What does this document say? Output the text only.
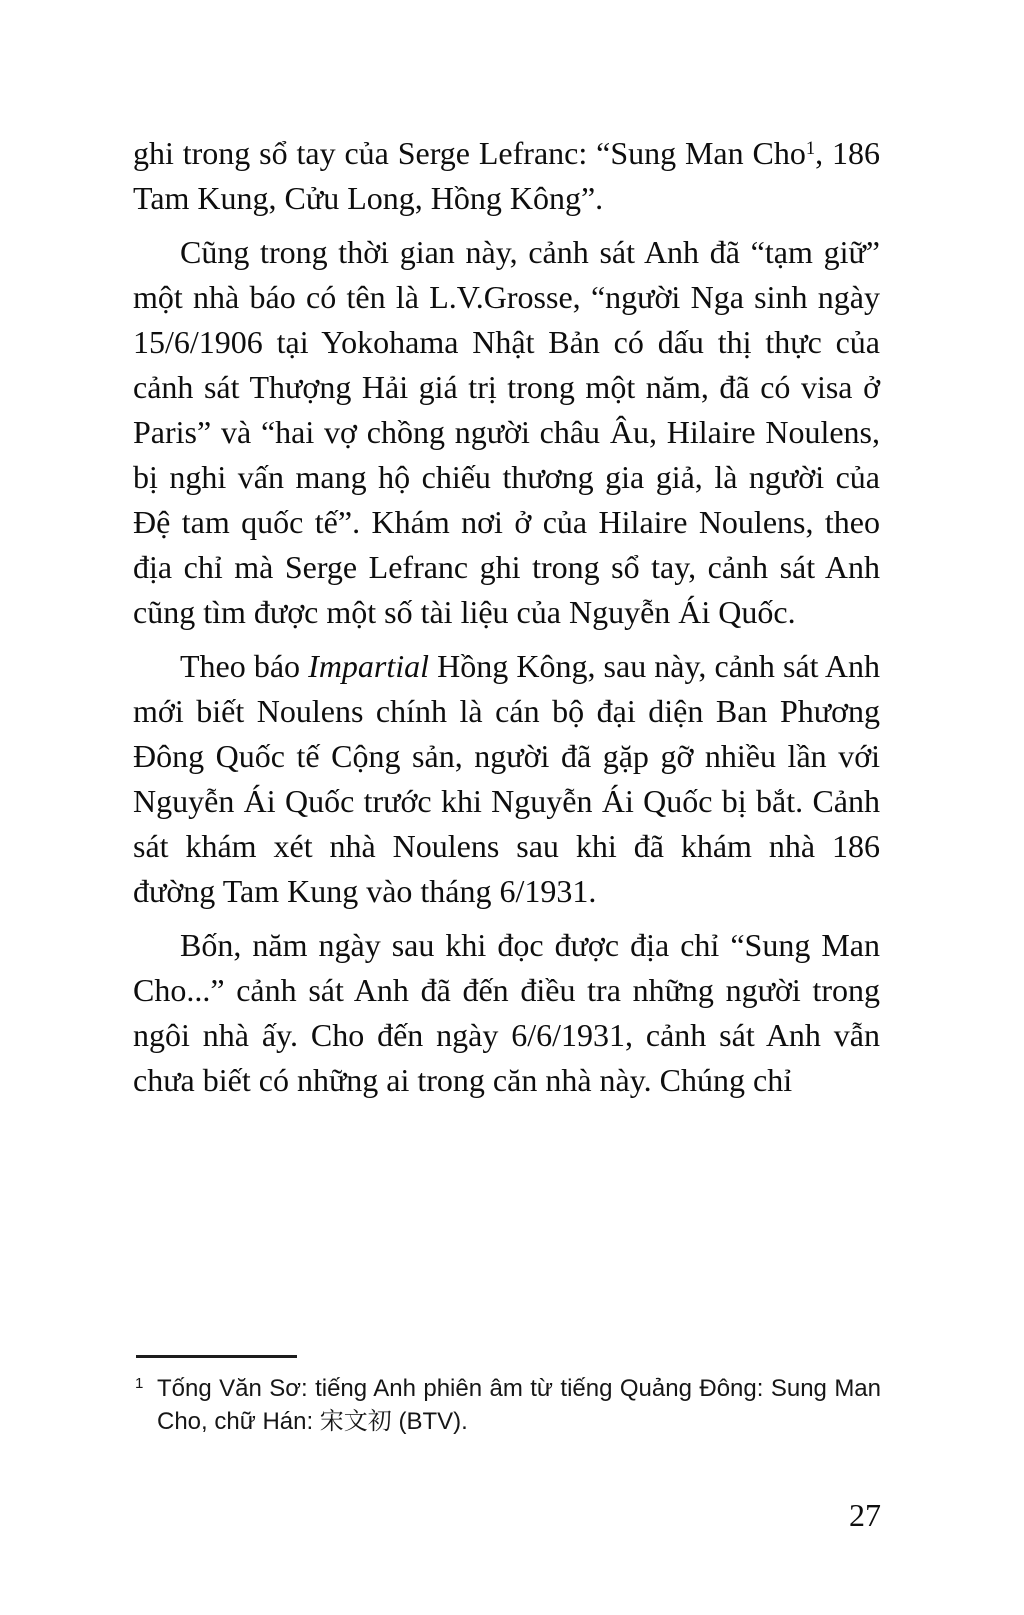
ghi trong sổ tay của Serge Lefranc: “Sung Man Cho$^1$, 186 Tam Kung, Cửu Long, Hồng Kông”.

Cũng trong thời gian này, cảnh sát Anh đã “tạm giữ” một nhà báo có tên là L.V.Grosse, “người Nga sinh ngày 15/6/1906 tại Yokohama Nhật Bản có dấu thị thực của cảnh sát Thượng Hải giá trị trong một năm, đã có visa ở Paris” và “hai vợ chồng người châu Âu, Hilaire Noulens, bị nghi vấn mang hộ chiếu thương gia giả, là người của Đệ tam quốc tế”. Khám nơi ở của Hilaire Noulens, theo địa chỉ mà Serge Lefranc ghi trong sổ tay, cảnh sát Anh cũng tìm được một số tài liệu của Nguyễn Ái Quốc.

Theo báo Impartial Hồng Kông, sau này, cảnh sát Anh mới biết Noulens chính là cán bộ đại diện Ban Phương Đông Quốc tế Cộng sản, người đã gặp gỡ nhiều lần với Nguyễn Ái Quốc trước khi Nguyễn Ái Quốc bị bắt. Cảnh sát khám xét nhà Noulens sau khi đã khám nhà 186 đường Tam Kung vào tháng 6/1931.

Bốn, năm ngày sau khi đọc được địa chỉ “Sung Man Cho...” cảnh sát Anh đã đến điều tra những người trong ngôi nhà ấy. Cho đến ngày 6/6/1931, cảnh sát Anh vẫn chưa biết có những ai trong căn nhà này. Chúng chỉ

1 Tống Văn Sơ: tiếng Anh phiên âm từ tiếng Quảng Đông: Sung Man Cho, chữ Hán: 宋文初 (BTV).
27
